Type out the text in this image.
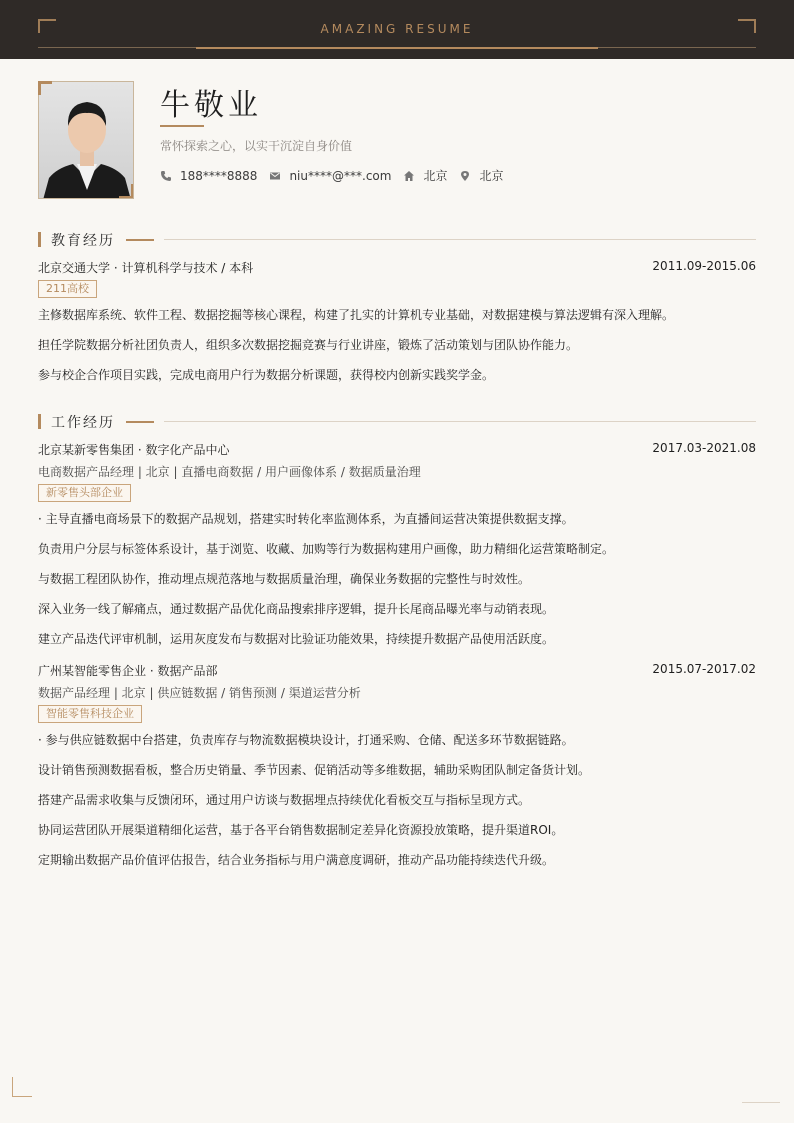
AMAZING RESUME
牛敬业
常怀探索之心，以实干沉淀自身价值
188****8888	niu****@***.com	北京	北京
教育经历
北京交通大学 · 计算机科学与技术 / 本科	2011.09-2015.06
211高校
主修数据库系统、软件工程、数据挖掘等核心课程，构建了扎实的计算机专业基础，对数据建模与算法逻辑有深入理解。
担任学院数据分析社团负责人，组织多次数据挖掘竞赛与行业讲座，锻炼了活动策划与团队协作能力。
参与校企合作项目实践，完成电商用户行为数据分析课题，获得校内创新实践奖学金。
工作经历
北京某新零售集团 · 数字化产品中心	2017.03-2021.08
电商数据产品经理 | 北京 | 直播电商数据 / 用户画像体系 / 数据质量治理
新零售头部企业
· 主导直播电商场景下的数据产品规划，搭建实时转化率监测体系，为直播间运营决策提供数据支撑。
负责用户分层与标签体系设计，基于浏览、收藏、加购等行为数据构建用户画像，助力精细化运营策略制定。
与数据工程团队协作，推动埋点规范落地与数据质量治理，确保业务数据的完整性与时效性。
深入业务一线了解痛点，通过数据产品优化商品搜索排序逻辑，提升长尾商品曝光率与动销表现。
建立产品迭代评审机制，运用灰度发布与数据对比验证功能效果，持续提升数据产品使用活跃度。
广州某智能零售企业 · 数据产品部	2015.07-2017.02
数据产品经理 | 北京 | 供应链数据 / 销售预测 / 渠道运营分析
智能零售科技企业
· 参与供应链数据中台搭建，负责库存与物流数据模块设计，打通采购、仓储、配送多环节数据链路。
设计销售预测数据看板，整合历史销量、季节因素、促销活动等多维数据，辅助采购团队制定备货计划。
搭建产品需求收集与反馈闭环，通过用户访谈与数据埋点持续优化看板交互与指标呈现方式。
协同运营团队开展渠道精细化运营，基于各平台销售数据制定差异化资源投放策略，提升渠道ROI。
定期输出数据产品价值评估报告，结合业务指标与用户满意度调研，推动产品功能持续迭代升级。
